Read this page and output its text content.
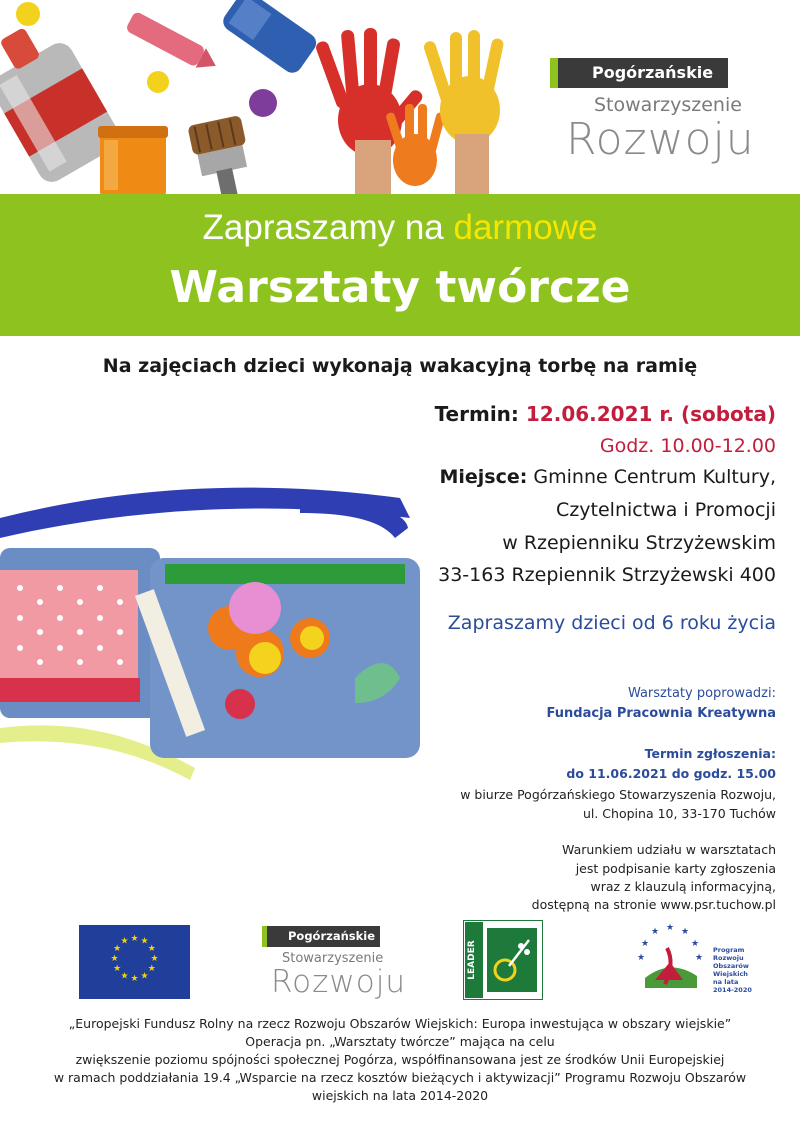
Pogórzańskie
Stowarzyszenie
Rozwoju
Zapraszamy na darmowe
Warsztaty twórcze
Na zajęciach dzieci wykonają wakacyjną torbę na ramię
Termin: 12.06.2021 r. (sobota)
Godz. 10.00-12.00
Miejsce: Gminne Centrum Kultury,
Czytelnictwa i Promocji
w Rzepienniku Strzyżewskim
33-163 Rzepiennik Strzyżewski 400
Zapraszamy dzieci od 6 roku życia
Warsztaty poprowadzi:
Fundacja Pracownia Kreatywna
Termin zgłoszenia:
do 11.06.2021 do godz. 15.00
w biurze Pogórzańskiego Stowarzyszenia Rozwoju,
ul. Chopina 10, 33-170 Tuchów
Warunkiem udziału w warsztatach
jest podpisanie karty zgłoszenia
wraz z klauzulą informacyjną,
dostępną na stronie www.psr.tuchow.pl
★ ★
★
★
★
★
★
★
★
★
★
★	Pogórzańskie
Stowarzyszenie
Rozwoju
LEADER
★ ★
★
★
★
★	★
Program
Rozwoju
Obszarów
Wiejskich
na lata 2014-2020
„Europejski Fundusz Rolny na rzecz Rozwoju Obszarów Wiejskich: Europa inwestująca w obszary wiejskie”
Operacja pn. „Warsztaty twórcze” mająca na celu
zwiększenie poziomu spójności społecznej Pogórza, współfinansowana jest ze środków Unii Europejskiej
w ramach poddziałania 19.4 „Wsparcie na rzecz kosztów bieżących i aktywizacji” Programu Rozwoju Obszarów
wiejskich na lata 2014-2020
